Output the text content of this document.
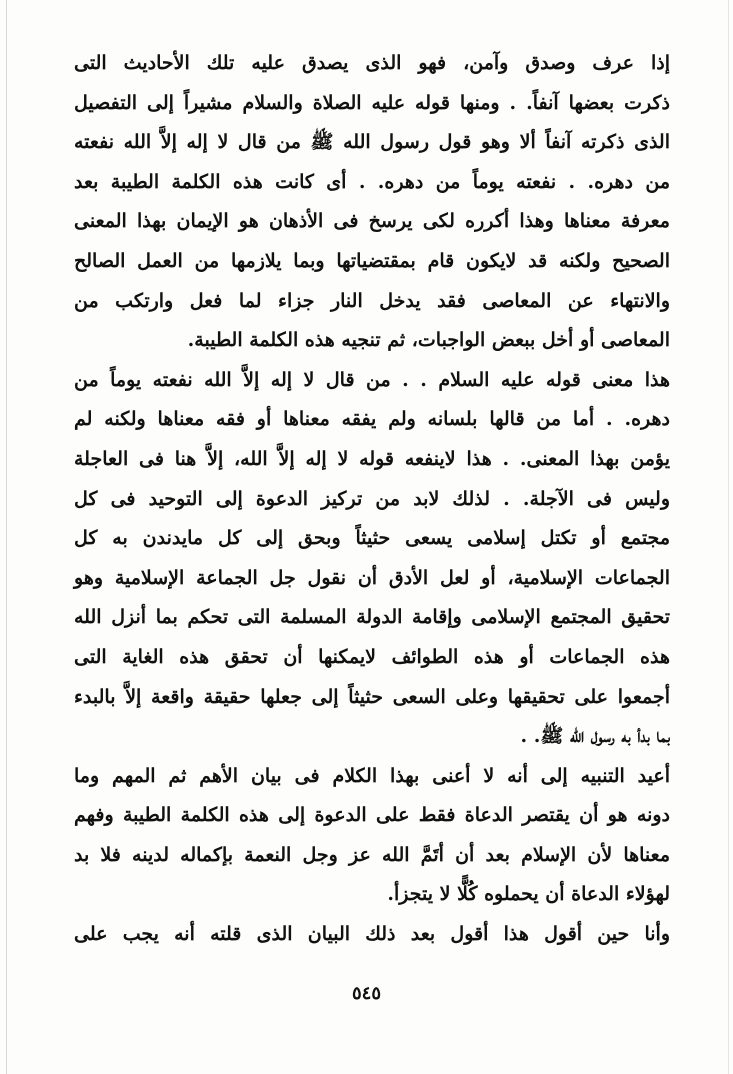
إذا عرف وصدق وآمن، فهو الذى يصدق عليه تلك الأحاديث التى
ذكرت بعضها آنفاً. . ومنها قوله عليه الصلاة والسلام مشيراً إلى التفصيل
الذى ذكرته آنفاً ألا وهو قول رسول الله ﷺ من قال لا إله إلاَّ الله نفعته
من دهره. . نفعته يوماً من دهره. . أى كانت هذه الكلمة الطيبة بعد
معرفة معناها وهذا أكرره لكى يرسخ فى الأذهان هو الإيمان بهذا المعنى
الصحيح ولكنه قد لايكون قام بمقتضياتها وبما يلازمها من العمل الصالح
والانتهاء عن المعاصى فقد يدخل النار جزاء لما فعل وارتكب من
المعاصى أو أخل ببعض الواجبات، ثم تنجيه هذه الكلمة الطيبة.
هذا معنى قوله عليه السلام . . من قال لا إله إلاَّ الله نفعته يوماً من
دهره. . أما من قالها بلسانه ولم يفقه معناها أو فقه معناها ولكنه لم
يؤمن بهذا المعنى. . هذا لاينفعه قوله لا إله إلاَّ الله، إلاَّ هنا فى العاجلة
وليس فى الآجلة. . لذلك لابد من تركيز الدعوة إلى التوحيد فى كل
مجتمع أو تكتل إسلامى يسعى حثيثاً وبحق إلى كل مايدندن به كل
الجماعات الإسلامية، أو لعل الأدق أن نقول جل الجماعة الإسلامية وهو
تحقيق المجتمع الإسلامى وإقامة الدولة المسلمة التى تحكم بما أنزل الله
هذه الجماعات أو هذه الطوائف لايمكنها أن تحقق هذه الغاية التى
أجمعوا على تحقيقها وعلى السعى حثيثاً إلى جعلها حقيقة واقعة إلاَّ بالبدء
بما بدأ به رسول الله ﷺ. .
أعيد التنبيه إلى أنه لا أعنى بهذا الكلام فى بيان الأهم ثم المهم وما
دونه هو أن يقتصر الدعاة فقط على الدعوة إلى هذه الكلمة الطيبة وفهم
معناها لأن الإسلام بعد أن أتَمَّ الله عز وجل النعمة بإكماله لدينه فلا بد
لهؤلاء الدعاة أن يحملوه كُلًّا لا يتجزأ.
وأنا حين أقول هذا أقول بعد ذلك البيان الذى قلته أنه يجب على
٥٤٥
